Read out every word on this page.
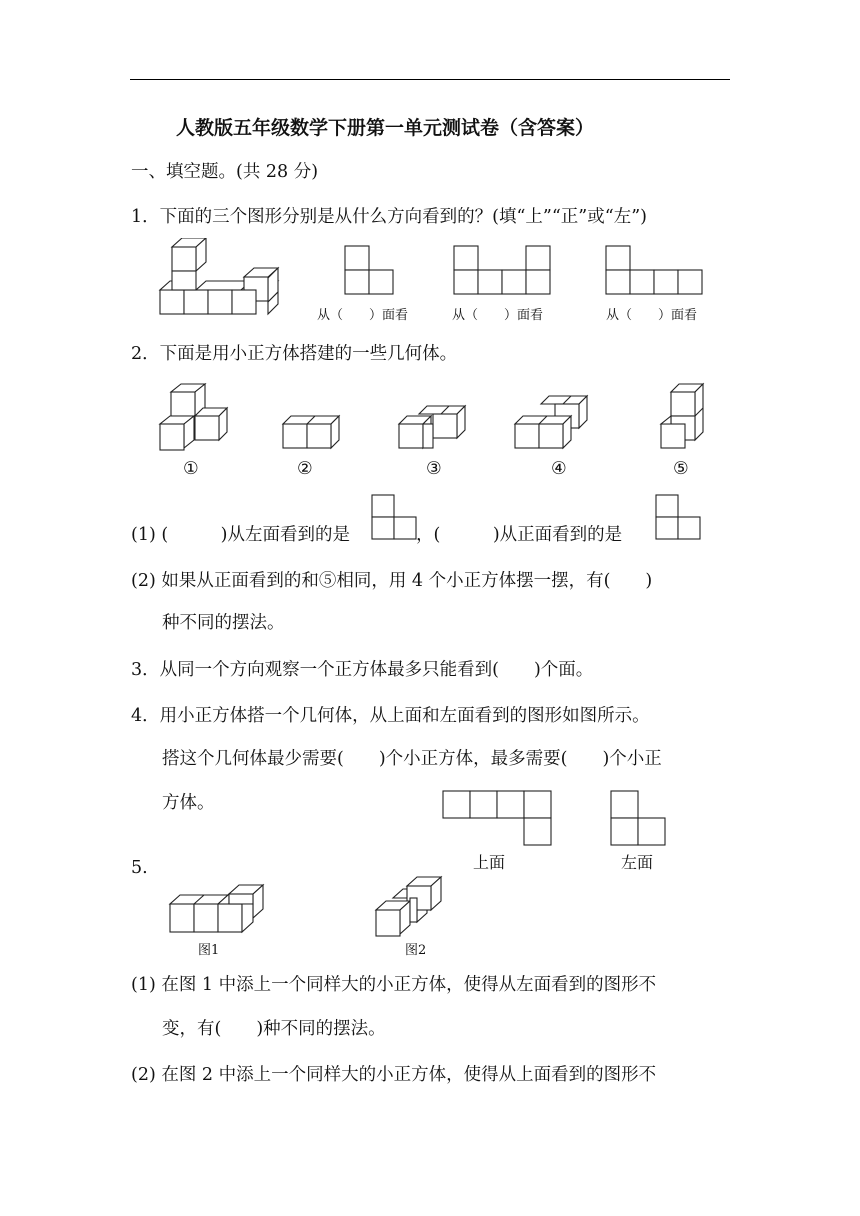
人教版五年级数学下册第一单元测试卷（含答案）
一、填空题。(共 28 分)
1．下面的三个图形分别是从什么方向看到的？(填“上”“正”或“左”)
从（　　）面看	从（　　）面看	从（　　）面看
2．下面是用小正方体搭建的一些几何体。
①	②	③	④	⑤
(1) (　　　)从左面看到的是	，(　　　)从正面看到的是
(2) 如果从正面看到的和⑤相同，用 4 个小正方体摆一摆，有(　　)
种不同的摆法。
3．从同一个方向观察一个正方体最多只能看到(　　)个面。
4．用小正方体搭一个几何体，从上面和左面看到的图形如图所示。
搭这个几何体最少需要(　　)个小正方体，最多需要(　　)个小正
方体。
上面	左面
5.
图1	图2
(1) 在图 1 中添上一个同样大的小正方体，使得从左面看到的图形不
变，有(　　)种不同的摆法。
(2) 在图 2 中添上一个同样大的小正方体，使得从上面看到的图形不
